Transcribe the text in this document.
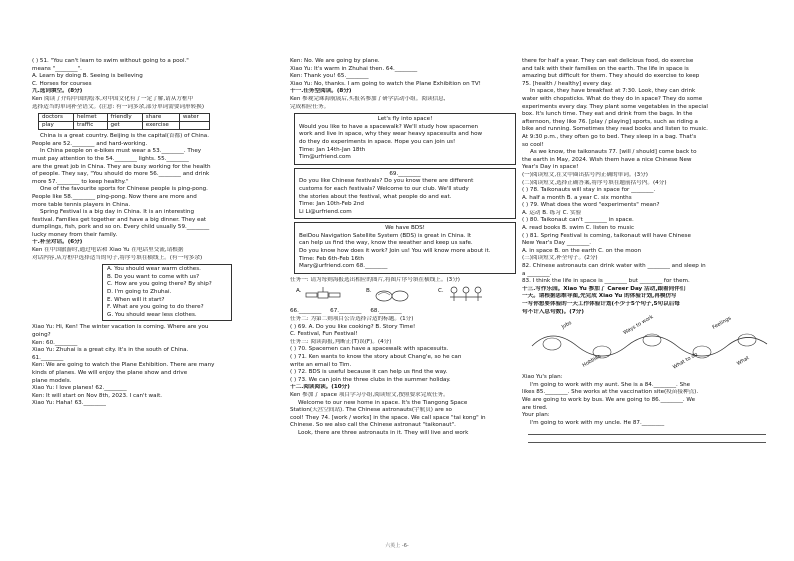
( ) 51. "You can't learn to swim without going to a pool."
means "________".
A. Learn by doing B. Seeing is believing
C. Horses for courses
九.选词填空。(8分)
Ken 阅读了介绍中国的绘本,对中国文化有了一定了解,请从方框中
选择适当的单词补全语文。(注意: 有一词多余,部分单词需要词形转换)
doctors	helmet	friendly	share	water
play	traffic	get	exercise	
China is a great country. Beijing is the capital(首都) of China.
People are 52.________ and hard-working.
In China people on e-bikes must wear a 53.________. They
must pay attention to the 54.________ lights. 55.________
are the great job in China. They are busy working for the health
of people. They say, "You should do more 56.________ and drink
more 57.________ to keep healthy."
One of the favourite sports for Chinese people is ping-pong.
People like 58.________ ping-pong. Now there are more and
more table tennis players in China.
Spring Festival is a big day in China. It is an interesting
festival. Families get together and have a big dinner. They eat
dumplings, fish, pork and so on. Every child usually 59.________
lucky money from their family.
十.补全对话。(6分)
Ken 在中国旅游时,通过电话和 Xiao Yu 在电话里交流,请根据
对话内容,从方框中选择适当的句子,将序号填在横线上。(有一句多余)
A. You should wear warm clothes.
B. Do you want to come with us?
C. How are you going there? By ship?
D. I'm going to Zhuhai.
E. When will it start?
F. What are you going to do there?
G. You should wear less clothes.
Xiao Yu: Hi, Ken! The winter vacation is coming. Where are you
going?
Ken: 60.________
Xiao Yu: Zhuhai is a great city. It's in the south of China.
61.________
Ken: We are going to watch the Plane Exhibition. There are many
kinds of planes. We will enjoy the plane show and drive
plane models.
Xiao Yu: I love planes! 62.________
Ken: It will start on Nov 8th, 2023. I can't wait.
Xiao Yu: Haha! 63.________
Ken: No. We are going by plane.
Xiao Yu: It's warm in Zhuhai then. 64.________
Ken: Thank you! 65.________
Xiao Yu: No, thanks. I am going to watch the Plane Exhibition on TV!
十一.任务型阅读。(8分)
Ken 参观完珠海航展后,买报名参加了研学活动小组。阅读信息,
完成相应任务。
Let's fly into space!
Would you like to have a spacewalk? We'll study how spacemen
work and live in space, why they wear heavy spacesuits and how
do they do experiments in space. Hope you can join us!
Time: Jan 14th-Jan 18th
Tim@urfriend.com
69.________
Do you like Chinese festivals? Do you know there are different
customs for each festivals? Welcome to our club. We'll study
the stories about the festival, what people do and eat.
Time: Jan 10th-Feb 2nd
Li Li@urfriend.com
We have BDS!
BeiDou Navigation Satellite System (BDS) is great in China. It
can help us find the way, know the weather and keep us safe.
Do you know how does it work? Join us! You will know more about it.
Time: Feb 6th-Feb 16th
Mary@urfriend.com 68.________
任务一: 请为每则海报选出相应的图片,将图片序号填在横线上。(3分)
A.	B.	C.
66.________ 67.________ 68.________
任务二: 为第二则项目公告选择合适的标题。(1分)
( ) 69. A. Do you like cooking? B. Story Time!
C. Festival, Fun Festival!
任务三: 阅读海报,判断正(T)误(F)。(4分)
( ) 70. Spacemen can have a spacewalk with spacesuits.
( ) 71. Ken wants to know the story about Chang'e, so he can
write an email to Tim.
( ) 72. BDS is useful because it can help us find the way.
( ) 73. We can join the three clubs in the summer holiday.
十二.阅读阅读。(10分)
Ken 参加了 space 项目学习小组,阅读短文,按照要求完成任务。
Welcome to our new home in space. It's the Tiangong Space
Station(天宫空间站). The Chinese astronauts(宇航员) are so
cool! They 74. [work / works] in the space. We call space "tai kong" in
Chinese. So we also call the Chinese astronaut "taikonaut".
Look, there are three astronauts in it. They will live and work
there for half a year. They can eat delicious food, do exercise
and talk with their families on the earth. The life in space is
amazing but difficult for them. They should do exercise to keep
75. [health / healthy] every day.
In space, they have breakfast at 7:30. Look, they can drink
water with chopsticks. What do they do in space? They do some
experiments every day. They plant some vegetables in the special
box. It's lunch time. They eat and drink from the bags. In the
afternoon, they like 76. [play / playing] sports, such as riding a
bike and running. Sometimes they read books and listen to music.
At 9:30 p.m., they often go to bed. They sleep in a bag. That's
so cool!
As we know, the taikonauts 77. [will / should] come back to
the earth in May, 2024. Wish them have a nice Chinese New
Year's Day in space!
(一)阅读短文,在文中圈出括号内正确的单词。(3分)
(二)阅读短文,选择正确答案,将序号填在题前括号内。(4分)
( ) 78. Taikonauts will stay in space for ________.
A. half a month B. a year C. six months
( ) 79. What does the word "experiments" mean?
A. 运动 B. 练习 C. 实验
( ) 80. Taikonaut can't ________ in space.
A. read books B. swim C. listen to music
( ) 81. Spring Festival is coming, taikonaut will have Chinese
New Year's Day ________.
A. in space B. on the earth C. on the moon
(三)阅读短文,补全句子。(2分)
82. Chinese astronauts can drink water with ________ and sleep in
a ________.
83. I think the life in space is ________ but ________ for them.
十三.写作乐园。Xiao Yu 参加了 Career Day 活动,跟着同伴们
一天。请根据思维导图,先完成 Xiao Yu 的体验计划,再模仿写
一写你想要体验的一天工作体验计划(不少于5个句子,5句以后每
句不计入总句数)。(7分)
Jobs
Hobbies
Ways to work
What to do
Feelings
What
Xiao Yu's plan:
I'm going to work with my aunt. She is a 84.________. She
likes 85.________. She works at the vaccination site(疫苗接种点).
We are going to work by bus. We are going to 86.________. We
are tired.
Your plan:
I'm going to work with my uncle. He 87.________
六英上 -6-
